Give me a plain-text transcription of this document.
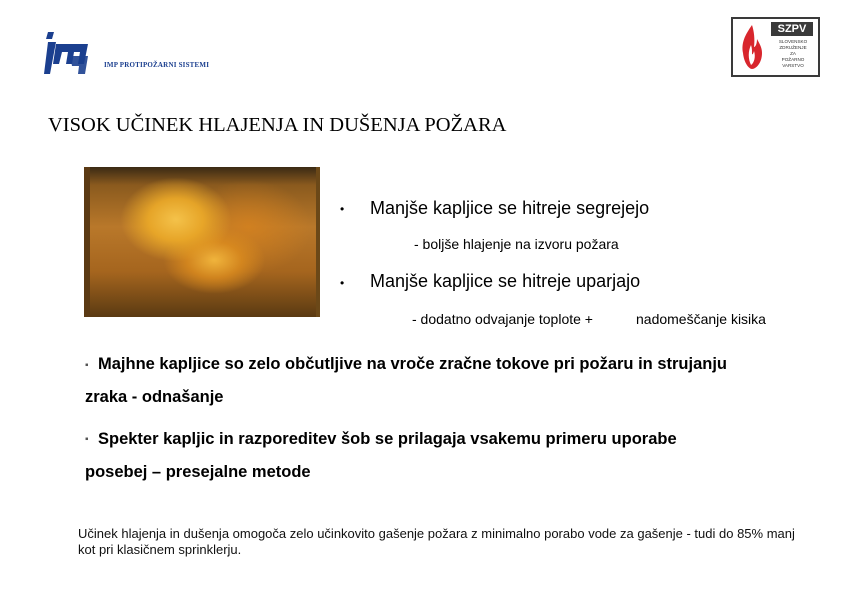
IMP PROTIPOŽARNI SISTEMI
SZPV
SLOVENSKO
ZDRUŽENJE
ZA
POŽARNO
VARSTVO
VISOK UČINEK HLAJENJA IN DUŠENJA POŽARA
• Manjše kapljice se hitreje segrejejo
- boljše hlajenje na izvoru požara
• Manjše kapljice se hitreje uparjajo
- dodatno odvajanje toplote +	nadomeščanje kisika
▪ Majhne kapljice so zelo občutljive na vroče zračne tokove pri požaru in strujanju
zraka - odnašanje
▪ Spekter kapljic in razporeditev šob se prilagaja vsakemu primeru uporabe
posebej – presejalne metode
Učinek hlajenja in dušenja omogoča zelo učinkovito gašenje požara z minimalno porabo vode za gašenje - tudi do 85% manj kot pri klasičnem sprinklerju.
